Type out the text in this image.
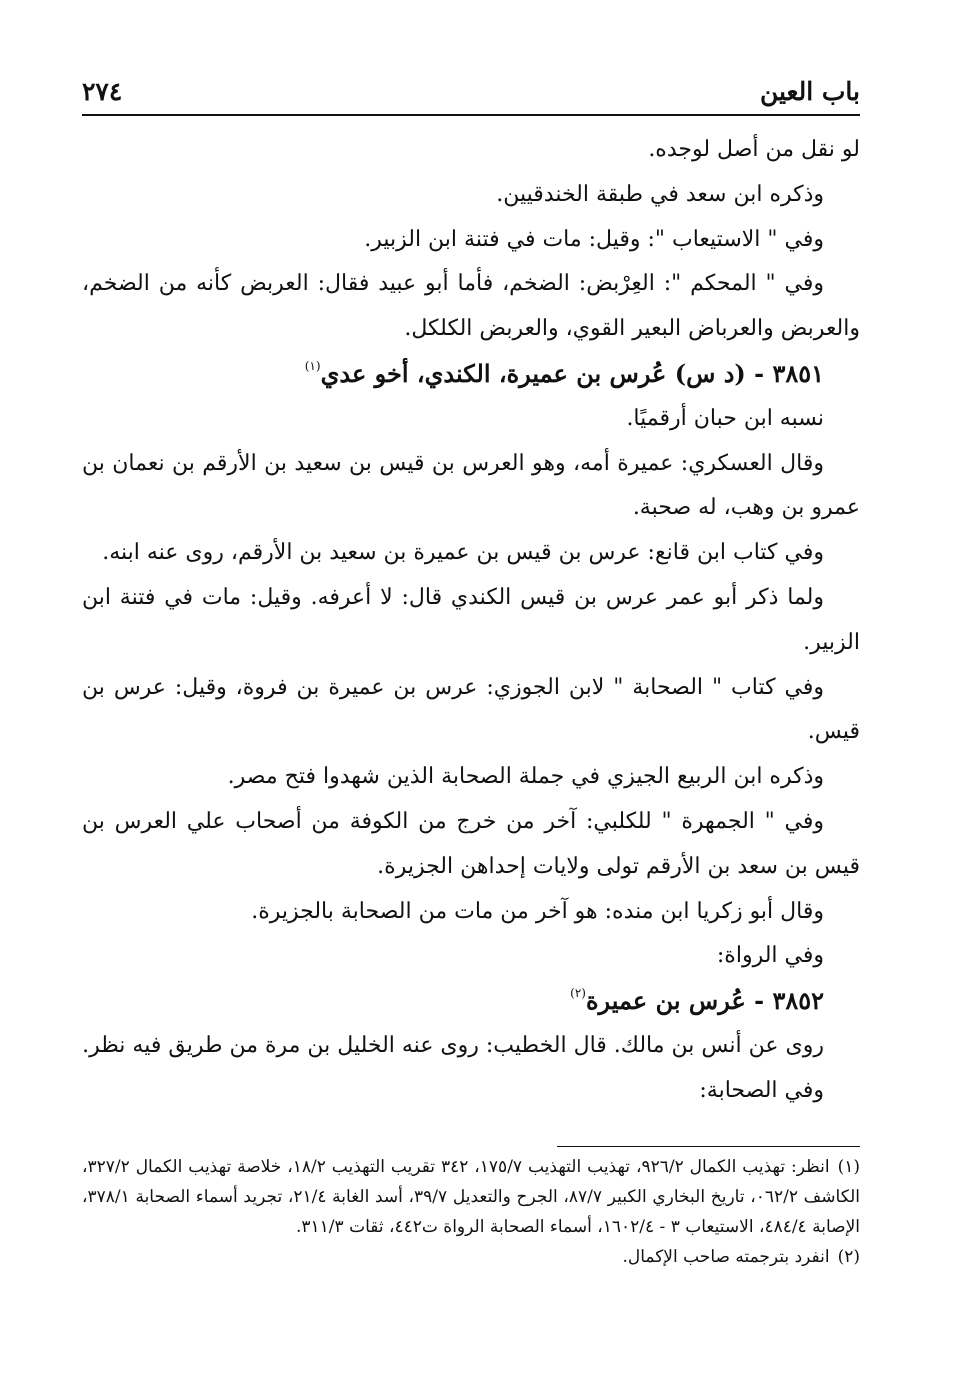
باب العين
٢٧٤

لو نقل من أصل لوجده.

وذكره ابن سعد في طبقة الخندقيين.

وفي " الاستيعاب ": وقيل: مات في فتنة ابن الزبير.

وفي " المحكم ": العِرْبض: الضخم، فأما أبو عبيد فقال: العربض كأنه من الضخم، والعربض والعرباض البعير القوي، والعربض الكلكل.

٣٨٥١ - (د س) عُرس بن عميرة، الكندي، أخو عدي$^{(١)}$

نسبه ابن حبان أرقميًا.

وقال العسكري: عميرة أمه، وهو العرس بن قيس بن سعيد بن الأرقم بن نعمان بن عمرو بن وهب، له صحبة.

وفي كتاب ابن قانع: عرس بن قيس بن عميرة بن سعيد بن الأرقم، روى عنه ابنه.

ولما ذكر أبو عمر عرس بن قيس الكندي قال: لا أعرفه. وقيل: مات في فتنة ابن الزبير.

وفي كتاب " الصحابة " لابن الجوزي: عرس بن عميرة بن فروة، وقيل: عرس بن قيس.

وذكره ابن الربيع الجيزي في جملة الصحابة الذين شهدوا فتح مصر.

وفي " الجمهرة " للكلبي: آخر من خرج من الكوفة من أصحاب علي العرس بن قيس بن سعد بن الأرقم تولى ولايات إحداهن الجزيرة.

وقال أبو زكريا ابن منده: هو آخر من مات من الصحابة بالجزيرة.

وفي الرواة:

٣٨٥٢ - عُرس بن عميرة$^{(٢)}$

روى عن أنس بن مالك. قال الخطيب: روى عنه الخليل بن مرة من طريق فيه نظر.

وفي الصحابة:

(١)انظر: تهذيب الكمال ٩٢٦/٢، تهذيب التهذيب ١٧٥/٧، ٣٤٢ تقريب التهذيب ١٨/٢، خلاصة تهذيب الكمال ٣٢٧/٢، الكاشف ٠٦٢/٢، تاريخ البخاري الكبير ٨٧/٧، الجرح والتعديل ٣٩/٧، أسد الغابة ٢١/٤، تجريد أسماء الصحابة ٣٧٨/١، الإصابة ٤٨٤/٤، الاستيعاب ٣ - ١٦٠٢/٤، أسماء الصحابة الرواة ت٤٤٢، ثقات ٣١١/٣.

(٢)انفرد بترجمته صاحب الإكمال.
